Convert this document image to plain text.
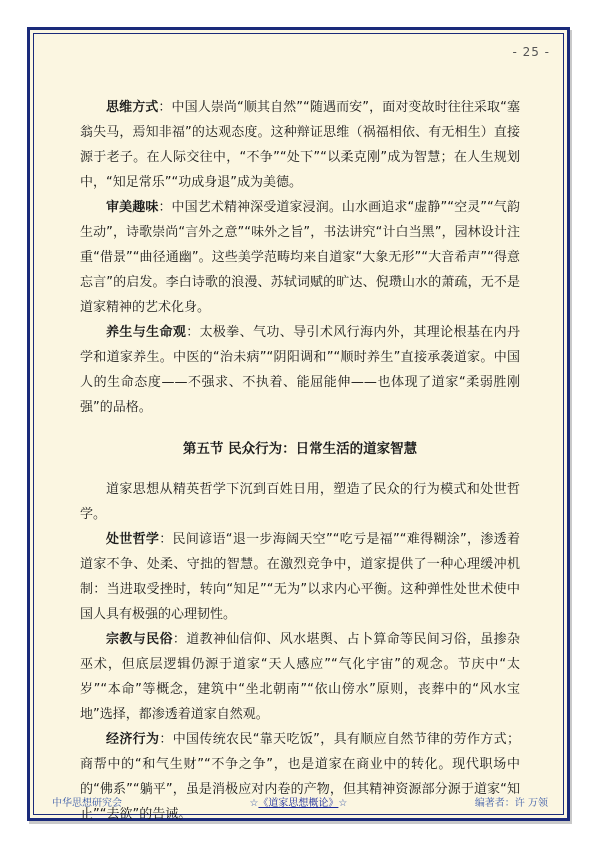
- 25 -

思维方式：中国人崇尚“顺其自然”“随遇而安”，面对变故时往往采取“塞翁失马，焉知非福”的达观态度。这种辩证思维（祸福相依、有无相生）直接源于老子。在人际交往中，“不争”“处下”“以柔克刚”成为智慧；在人生规划中，“知足常乐”“功成身退”成为美德。

审美趣味：中国艺术精神深受道家浸润。山水画追求“虚静”“空灵”“气韵生动”，诗歌崇尚“言外之意”“味外之旨”，书法讲究“计白当黑”，园林设计注重“借景”“曲径通幽”。这些美学范畴均来自道家“大象无形”“大音希声”“得意忘言”的启发。李白诗歌的浪漫、苏轼词赋的旷达、倪瓒山水的萧疏，无不是道家精神的艺术化身。

养生与生命观：太极拳、气功、导引术风行海内外，其理论根基在内丹学和道家养生。中医的“治未病”“阴阳调和”“顺时养生”直接承袭道家。中国人的生命态度——不强求、不执着、能屈能伸——也体现了道家“柔弱胜刚强”的品格。

第五节 民众行为：日常生活的道家智慧

道家思想从精英哲学下沉到百姓日用，塑造了民众的行为模式和处世哲学。

处世哲学：民间谚语“退一步海阔天空”“吃亏是福”“难得糊涂”，渗透着道家不争、处柔、守拙的智慧。在激烈竞争中，道家提供了一种心理缓冲机制：当进取受挫时，转向“知足”“无为”以求内心平衡。这种弹性处世术使中国人具有极强的心理韧性。

宗教与民俗：道教神仙信仰、风水堪舆、占卜算命等民间习俗，虽掺杂巫术，但底层逻辑仍源于道家“天人感应”“气化宇宙”的观念。节庆中“太岁”“本命”等概念，建筑中“坐北朝南”“依山傍水”原则，丧葬中的“风水宝地”选择，都渗透着道家自然观。

经济行为：中国传统农民“靠天吃饭”，具有顺应自然节律的劳作方式；商帮中的“和气生财”“不争之争”，也是道家在商业中的转化。现代职场中的“佛系”“躺平”，虽是消极应对内卷的产物，但其精神资源部分源于道家“知止”“去欲”的告诫。

中华思想研究会	☆《道家思想概论》☆	编著者：许 万领
